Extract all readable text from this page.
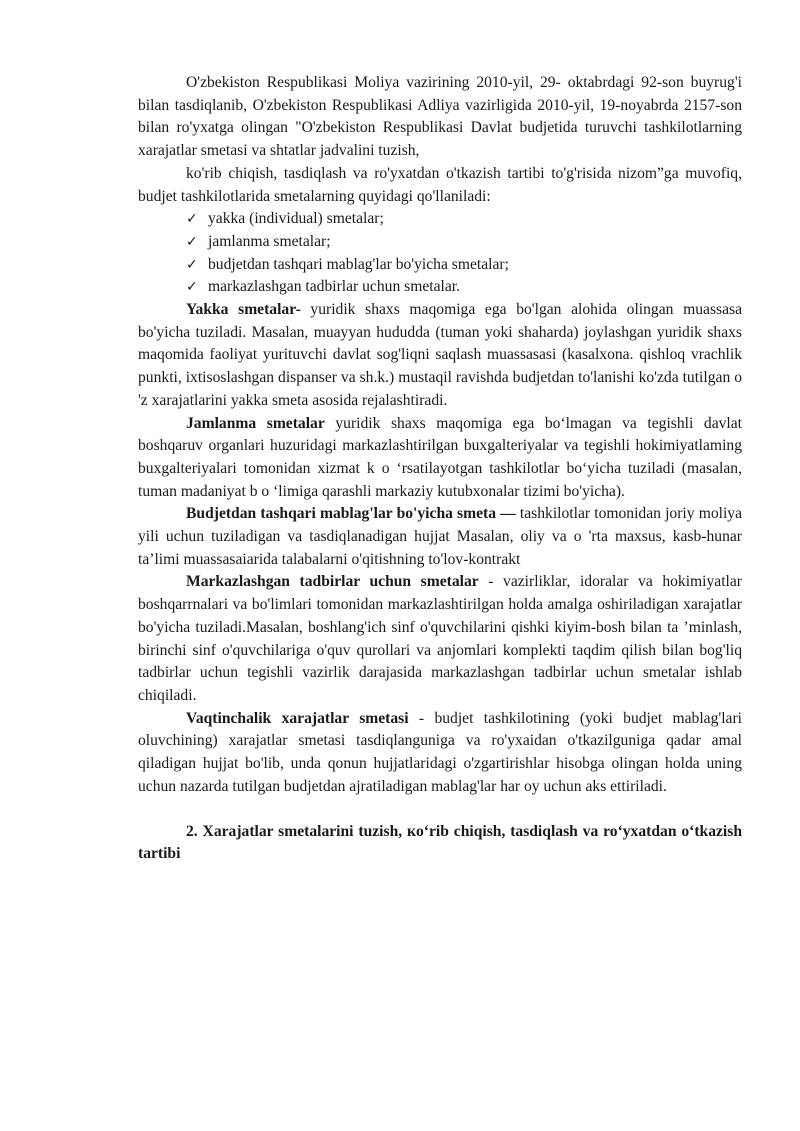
O'zbekiston Respublikasi Moliya vazirining 2010-yil, 29- oktabrdagi 92-son buyrug'i bilan tasdiqlanib, O'zbekiston Respublikasi Adliya vazirligida 2010-yil, 19-noyabrda 2157-son bilan ro'yxatga olingan "O'zbekiston Respublikasi Davlat budjetida turuvchi tashkilotlarning xarajatlar smetasi va shtatlar jadvalini tuzish,

ko'rib chiqish, tasdiqlash va ro'yxatdan o'tkazish tartibi to'g'risida nizom”ga muvofiq, budjet tashkilotlarida smetalarning quyidagi qo'llaniladi:

✓ yakka (individual) smetalar;
✓ jamlanma smetalar;
✓ budjetdan tashqari mablag'lar bo'yicha smetalar;
✓ markazlashgan tadbirlar uchun smetalar.

Yakka smetalar- yuridik shaxs maqomiga ega bo'lgan alohida olingan muassasa bo'yicha tuziladi. Masalan, muayyan hududda (tuman yoki shaharda) joylashgan yuridik shaxs maqomida faoliyat yurituvchi davlat sog'liqni saqlash muassasasi (kasalxona. qishloq vrachlik punkti, ixtisoslashgan dispanser va sh.k.) mustaqil ravishda budjetdan to'lanishi ko'zda tutilgan o 'z xarajatlarini yakka smeta asosida rejalashtiradi.

Jamlanma smetalar yuridik shaxs maqomiga ega bo‘lmagan va tegishli davlat boshqaruv organlari huzuridagi markazlashtirilgan buxgalteriyalar va tegishli hokimiyatlaming buxgalteriyalari tomonidan xizmat k o ‘rsatilayotgan tashkilotlar bo‘yicha tuziladi (masalan, tuman madaniyat b o ‘limiga qarashli markaziy kutubxonalar tizimi bo'yicha).

Budjetdan tashqari mablag'lar bo'yicha smeta — tashkilotlar tomonidan joriy moliya yili uchun tuziladigan va tasdiqlanadigan hujjat Masalan, oliy va o 'rta maxsus, kasb-hunar ta’limi muassasaiarida talabalarni o'qitishning to'lov-kontrakt

Markazlashgan tadbirlar uchun smetalar - vazirliklar, idoralar va hokimiyatlar boshqarrnalari va bo'limlari tomonidan markazlashtirilgan holda amalga oshiriladigan xarajatlar bo'yicha tuziladi.Masalan, boshlang'ich sinf o'quvchilarini qishki kiyim-bosh bilan ta ’minlash, birinchi sinf o'quvchilariga o'quv qurollari va anjomlari komplekti taqdim qilish bilan bog'liq tadbirlar uchun tegishli vazirlik darajasida markazlashgan tadbirlar uchun smetalar ishlab chiqiladi.

Vaqtinchalik xarajatlar smetasi - budjet tashkilotining (yoki budjet mablag'lari oluvchining) xarajatlar smetasi tasdiqlanguniga va ro'yxaidan o'tkazilguniga qadar amal qiladigan hujjat bo'lib, unda qonun hujjatlaridagi o'zgartirishlar hisobga olingan holda uning uchun nazarda tutilgan budjetdan ajratiladigan mablag'lar har oy uchun aks ettiriladi.

2. Xarajatlar smetalarini tuzish, кo‘rib chiqish, tasdiqlash va ro‘yxatdan o‘tkazish tartibi
